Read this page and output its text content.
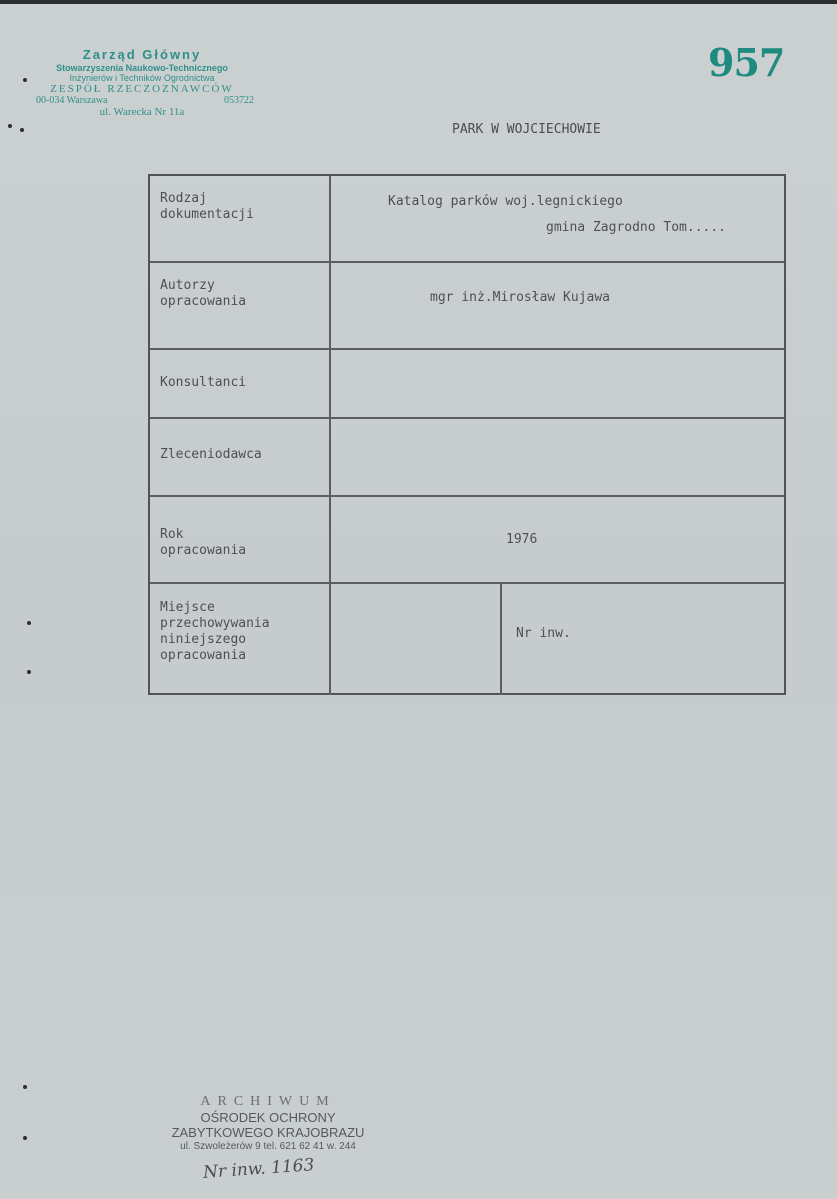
Zarząd Główny
Stowarzyszenia Naukowo-Technicznego
Inżynierów i Techników Ogrodnictwa
ZESPÓŁ RZECZOZNAWCÓW
00-034 Warszawa	053722
ul. Warecka Nr 11a
957
PARK W WOJCIECHOWIE
Rodzaj
dokumentacji
Katalog parków woj.legnickiego
gmina Zagrodno Tom.....
Autorzy
opracowania	mgr inż.Mirosław Kujawa
Konsultanci
Zleceniodawca
Rok
opracowania
1976
Miejsce
przechowywania
niniejszego
opracowania
Nr inw.
ARCHIWUM
OŚRODEK OCHRONY
ZABYTKOWEGO KRAJOBRAZU
ul. Szwoleżerów 9 tel. 621 62 41 w. 244
Nr inw. 1163
